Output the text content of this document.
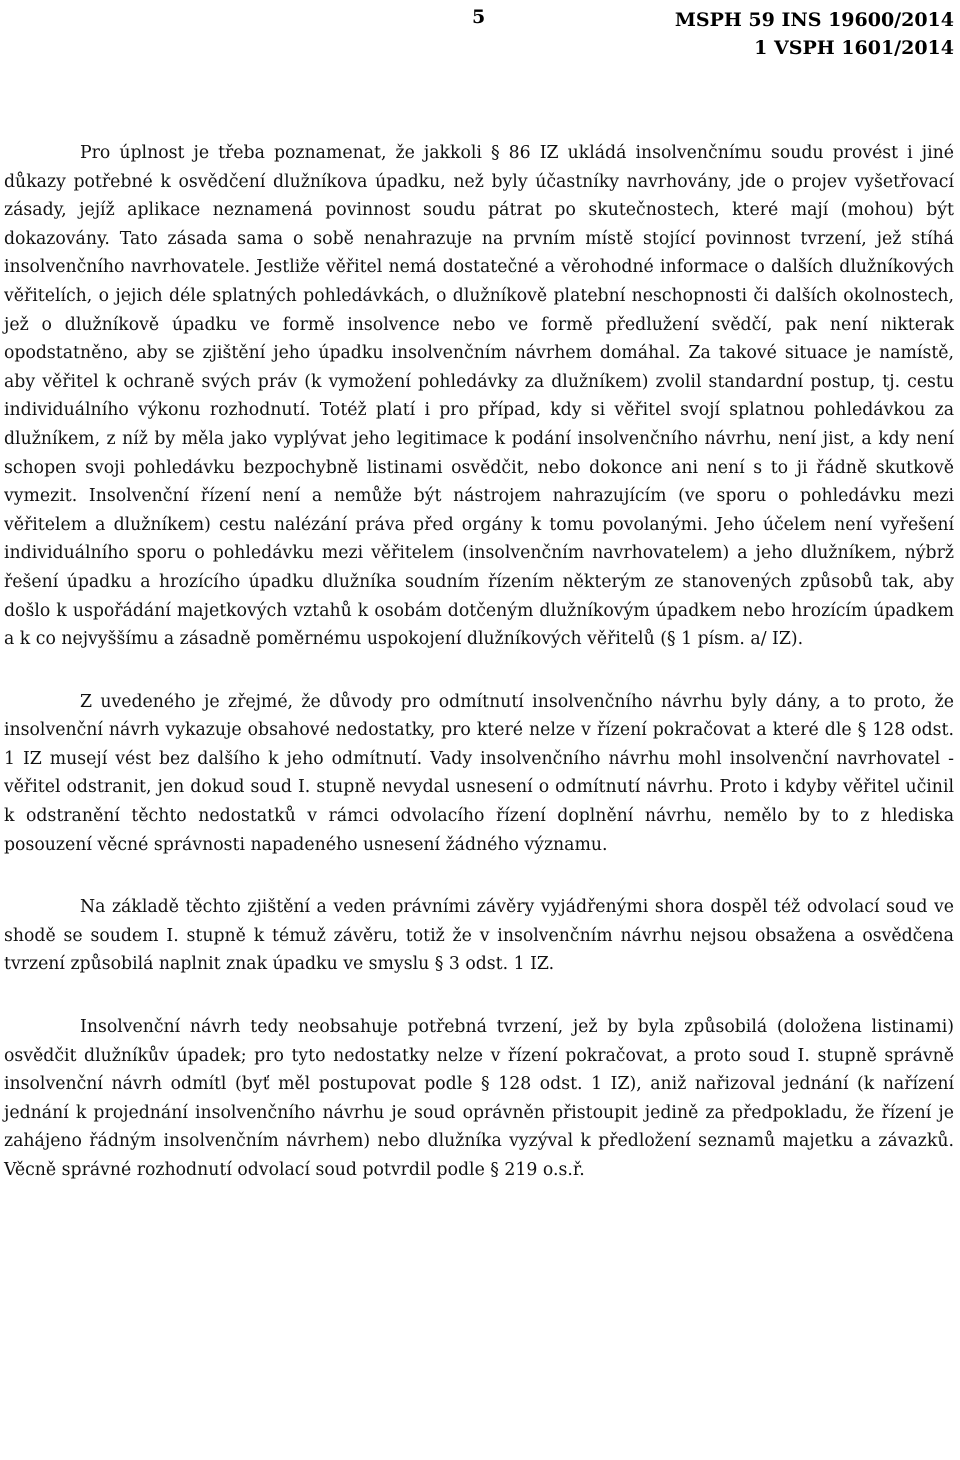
5	MSPH 59 INS 19600/2014
1 VSPH 1601/2014

Pro úplnost je třeba poznamenat, že jakkoli § 86 IZ ukládá insolvenčnímu soudu provést i jiné důkazy potřebné k osvědčení dlužníkova úpadku, než byly účastníky navrhovány, jde o projev vyšetřovací zásady, jejíž aplikace neznamená povinnost soudu pátrat po skutečnostech, které mají (mohou) být dokazovány. Tato zásada sama o sobě nenahrazuje na prvním místě stojící povinnost tvrzení, jež stíhá insolvenčního navrhovatele. Jestliže věřitel nemá dostatečné a věrohodné informace o dalších dlužníkových věřitelích, o jejich déle splatných pohledávkách, o dlužníkově platební neschopnosti či dalších okolnostech, jež o dlužníkově úpadku ve formě insolvence nebo ve formě předlužení svědčí, pak není nikterak opodstatněno, aby se zjištění jeho úpadku insolvenčním návrhem domáhal. Za takové situace je namístě, aby věřitel k ochraně svých práv (k vymožení pohledávky za dlužníkem) zvolil standardní postup, tj. cestu individuálního výkonu rozhodnutí. Totéž platí i pro případ, kdy si věřitel svojí splatnou pohledávkou za dlužníkem, z níž by měla jako vyplývat jeho legitimace k podání insolvenčního návrhu, není jist, a kdy není schopen svoji pohledávku bezpochybně listinami osvědčit, nebo dokonce ani není s to ji řádně skutkově vymezit. Insolvenční řízení není a nemůže být nástrojem nahrazujícím (ve sporu o pohledávku mezi věřitelem a dlužníkem) cestu nalézání práva před orgány k tomu povolanými. Jeho účelem není vyřešení individuálního sporu o pohledávku mezi věřitelem (insolvenčním navrhovatelem) a jeho dlužníkem, nýbrž řešení úpadku a hrozícího úpadku dlužníka soudním řízením některým ze stanovených způsobů tak, aby došlo k uspořádání majetkových vztahů k osobám dotčeným dlužníkovým úpadkem nebo hrozícím úpadkem a k co nejvyššímu a zásadně poměrnému uspokojení dlužníkových věřitelů (§ 1 písm. a/ IZ).

Z uvedeného je zřejmé, že důvody pro odmítnutí insolvenčního návrhu byly dány, a to proto, že insolvenční návrh vykazuje obsahové nedostatky, pro které nelze v řízení pokračovat a které dle § 128 odst. 1 IZ musejí vést bez dalšího k jeho odmítnutí. Vady insolvenčního návrhu mohl insolvenční navrhovatel - věřitel odstranit, jen dokud soud I. stupně nevydal usnesení o odmítnutí návrhu. Proto i kdyby věřitel učinil k odstranění těchto nedostatků v rámci odvolacího řízení doplnění návrhu, nemělo by to z hlediska posouzení věcné správnosti napadeného usnesení žádného významu.

Na základě těchto zjištění a veden právními závěry vyjádřenými shora dospěl též odvolací soud ve shodě se soudem I. stupně k témuž závěru, totiž že v insolvenčním návrhu nejsou obsažena a osvědčena tvrzení způsobilá naplnit znak úpadku ve smyslu § 3 odst. 1 IZ.

Insolvenční návrh tedy neobsahuje potřebná tvrzení, jež by byla způsobilá (doložena listinami) osvědčit dlužníkův úpadek; pro tyto nedostatky nelze v řízení pokračovat, a proto soud I. stupně správně insolvenční návrh odmítl (byť měl postupovat podle § 128 odst. 1 IZ), aniž nařizoval jednání (k nařízení jednání k projednání insolvenčního návrhu je soud oprávněn přistoupit jedině za předpokladu, že řízení je zahájeno řádným insolvenčním návrhem) nebo dlužníka vyzýval k předložení seznamů majetku a závazků. Věcně správné rozhodnutí odvolací soud potvrdil podle § 219 o.s.ř.
